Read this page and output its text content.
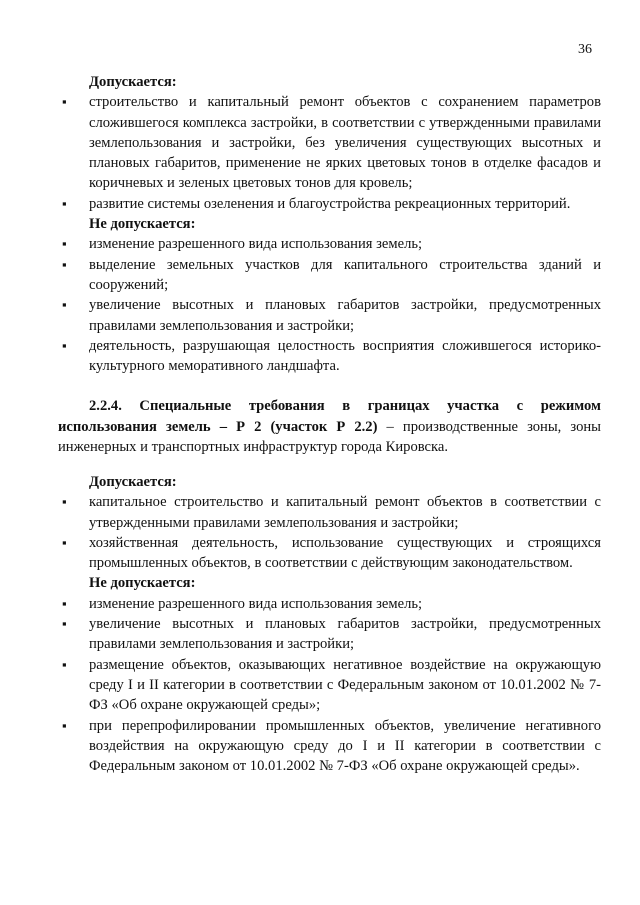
36

Допускается:

▪ строительство и капитальный ремонт объектов с сохранением параметров сложившегося комплекса застройки, в соответствии с утвержденными правилами землепользования и застройки, без увеличения существующих высотных и плановых габаритов, применение не ярких цветовых тонов в отделке фасадов и коричневых и зеленых цветовых тонов для кровель;
▪ развитие системы озеленения и благоустройства рекреационных территорий.

Не допускается:

▪ изменение разрешенного вида использования земель;
▪ выделение земельных участков для капитального строительства зданий и сооружений;
▪ увеличение высотных и плановых габаритов застройки, предусмотренных правилами землепользования и застройки;
▪ деятельность, разрушающая целостность восприятия сложившегося историко-культурного меморативного ландшафта.

2.2.4. Специальные требования в границах участка с режимом использования земель – Р 2 (участок Р 2.2) – производственные зоны, зоны инженерных и транспортных инфраструктур города Кировска.

Допускается:

▪ капитальное строительство и капитальный ремонт объектов в соответствии с утвержденными правилами землепользования и застройки;
▪ хозяйственная деятельность, использование существующих и строящихся промышленных объектов, в соответствии с действующим законодательством.

Не допускается:

▪ изменение разрешенного вида использования земель;
▪ увеличение высотных и плановых габаритов застройки, предусмотренных правилами землепользования и застройки;
▪ размещение объектов, оказывающих негативное воздействие на окружающую среду I и II категории в соответствии с Федеральным законом от 10.01.2002 № 7-ФЗ «Об охране окружающей среды»;
▪ при перепрофилировании промышленных объектов, увеличение негативного воздействия на окружающую среду до I и II категории в соответствии с Федеральным законом от 10.01.2002 № 7-ФЗ «Об охране окружающей среды».
